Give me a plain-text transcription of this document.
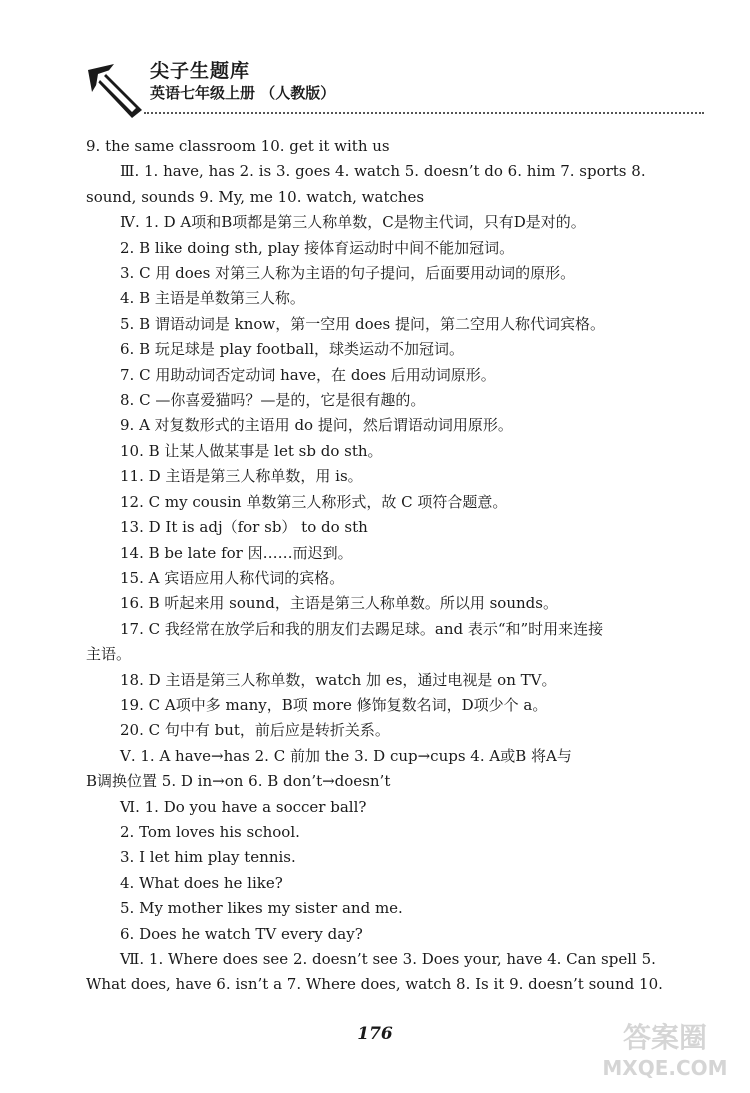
尖子生题库
英语七年级上册 （人教版）
9. the same classroom 10. get it with us
Ⅲ. 1. have, has 2. is 3. goes 4. watch 5. doesn’t do 6. him 7. sports 8.
sound, sounds 9. My, me 10. watch, watches
Ⅳ. 1. D A项和B项都是第三人称单数，C是物主代词，只有D是对的。
2. B like doing sth, play 接体育运动时中间不能加冠词。
3. C 用 does 对第三人称为主语的句子提问，后面要用动词的原形。
4. B 主语是单数第三人称。
5. B 谓语动词是 know，第一空用 does 提问，第二空用人称代词宾格。
6. B 玩足球是 play football，球类运动不加冠词。
7. C 用助动词否定动词 have，在 does 后用动词原形。
8. C —你喜爱猫吗？—是的，它是很有趣的。
9. A 对复数形式的主语用 do 提问，然后谓语动词用原形。
10. B 让某人做某事是 let sb do sth。
11. D 主语是第三人称单数，用 is。
12. C my cousin 单数第三人称形式，故 C 项符合题意。
13. D It is adj（for sb） to do sth
14. B be late for 因……而迟到。
15. A 宾语应用人称代词的宾格。
16. B 听起来用 sound，主语是第三人称单数。所以用 sounds。
17. C 我经常在放学后和我的朋友们去踢足球。and 表示“和”时用来连接
主语。
18. D 主语是第三人称单数，watch 加 es，通过电视是 on TV。
19. C A项中多 many，B项 more 修饰复数名词，D项少个 a。
20. C 句中有 but，前后应是转折关系。
Ⅴ. 1. A have→has 2. C 前加 the 3. D cup→cups 4. A或B 将A与
B调换位置 5. D in→on 6. B don’t→doesn’t
Ⅵ. 1. Do you have a soccer ball?
2. Tom loves his school.
3. I let him play tennis.
4. What does he like?
5. My mother likes my sister and me.
6. Does he watch TV every day?
Ⅶ. 1. Where does see 2. doesn’t see 3. Does your, have 4. Can spell 5.
What does, have 6. isn’t a 7. Where does, watch 8. Is it 9. doesn’t sound 10.
176	答案圈
MXQE.COM
